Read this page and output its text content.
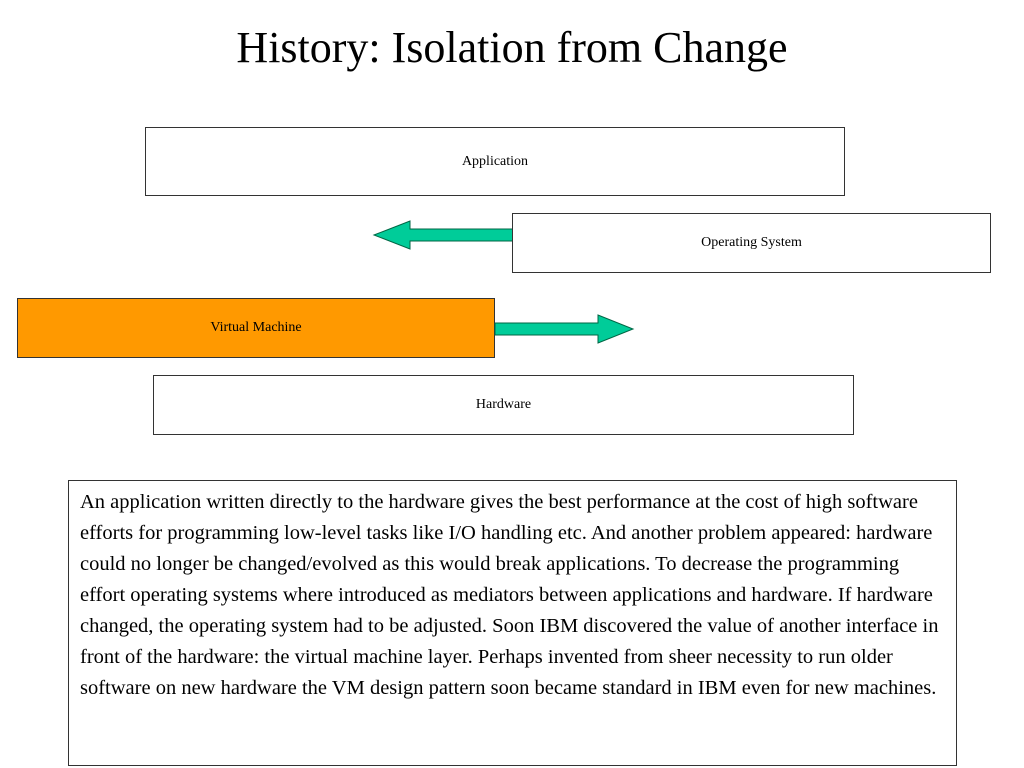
History: Isolation from Change
Application
Operating System
Virtual Machine
Hardware
An application written directly to the hardware gives the best performance at the cost of high software efforts for programming low-level tasks like I/O handling etc. And another problem appeared: hardware could no longer be changed/evolved as this would break applications. To decrease the programming effort operating systems where introduced as mediators between applications and hardware. If hardware changed, the operating system had to be adjusted. Soon IBM discovered the value of another interface in front of the hardware: the virtual machine layer. Perhaps invented from sheer necessity to run older software on new hardware the VM design pattern soon became standard in IBM even for new machines.
